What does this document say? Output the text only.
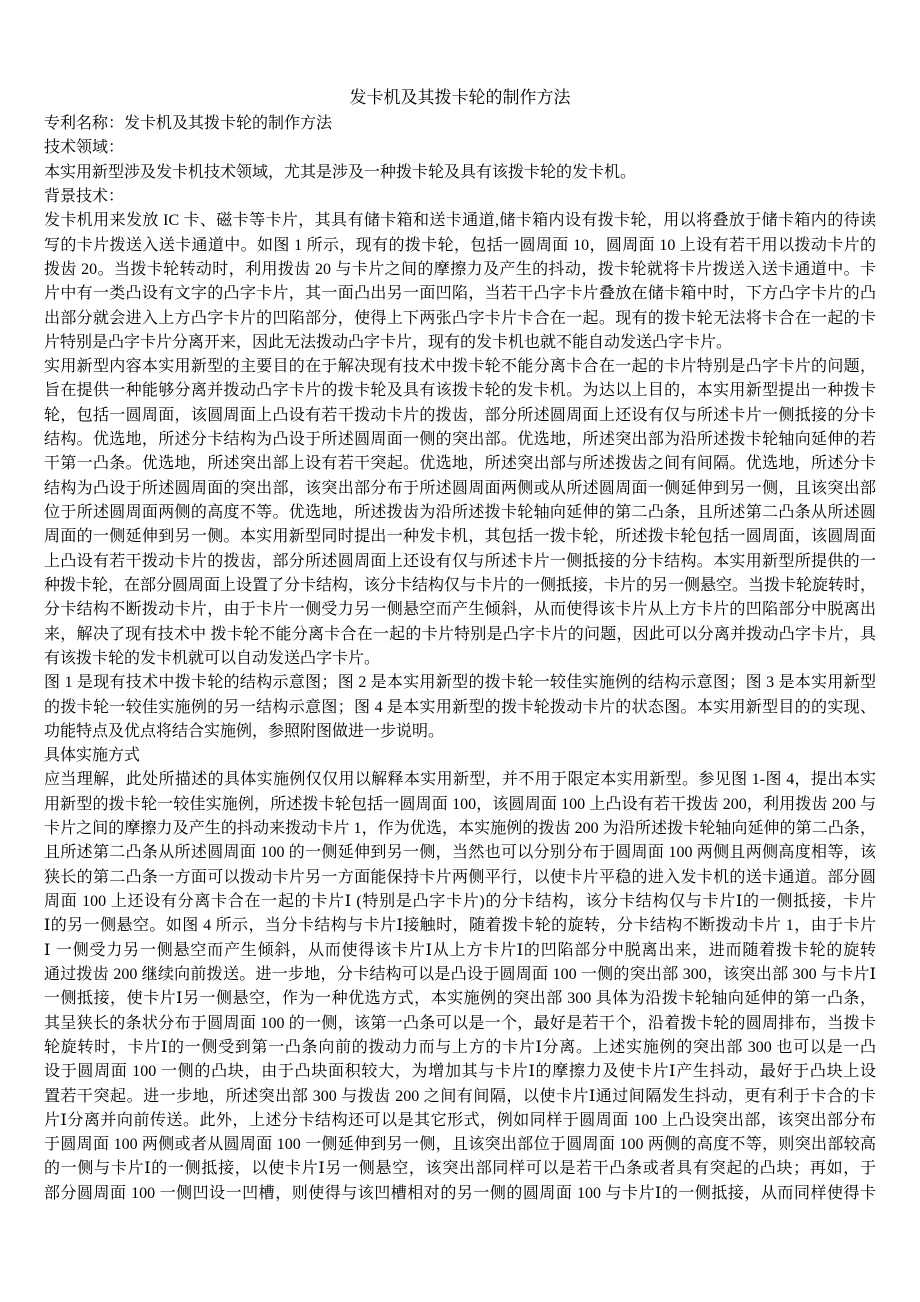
发卡机及其拨卡轮的制作方法
专利名称：发卡机及其拨卡轮的制作方法
技术领域：
本实用新型涉及发卡机技术领域，尤其是涉及一种拨卡轮及具有该拨卡轮的发卡机。
背景技术：
发卡机用来发放 IC 卡、磁卡等卡片，其具有储卡箱和送卡通道,储卡箱内设有拨卡轮，用以将叠放于储卡箱内的待读
写的卡片拨送入送卡通道中。如图 1 所示，现有的拨卡轮，包括一圆周面 10，圆周面 10 上设有若干用以拨动卡片的
拨齿 20。当拨卡轮转动时，利用拨齿 20 与卡片之间的摩擦力及产生的抖动，拨卡轮就将卡片拨送入送卡通道中。卡
片中有一类凸设有文字的凸字卡片，其一面凸出另一面凹陷，当若干凸字卡片叠放在储卡箱中时，下方凸字卡片的凸
出部分就会进入上方凸字卡片的凹陷部分，使得上下两张凸字卡片卡合在一起。现有的拨卡轮无法将卡合在一起的卡
片特别是凸字卡片分离开来，因此无法拨动凸字卡片，现有的发卡机也就不能自动发送凸字卡片。
实用新型内容本实用新型的主要目的在于解决现有技术中拨卡轮不能分离卡合在一起的卡片特别是凸字卡片的问题，
旨在提供一种能够分离并拨动凸字卡片的拨卡轮及具有该拨卡轮的发卡机。为达以上目的，本实用新型提出一种拨卡
轮，包括一圆周面，该圆周面上凸设有若干拨动卡片的拨齿，部分所述圆周面上还设有仅与所述卡片一侧抵接的分卡
结构。优选地，所述分卡结构为凸设于所述圆周面一侧的突出部。优选地，所述突出部为沿所述拨卡轮轴向延伸的若
干第一凸条。优选地，所述突出部上设有若干突起。优选地，所述突出部与所述拨齿之间有间隔。优选地，所述分卡
结构为凸设于所述圆周面的突出部，该突出部分布于所述圆周面两侧或从所述圆周面一侧延伸到另一侧，且该突出部
位于所述圆周面两侧的高度不等。优选地，所述拨齿为沿所述拨卡轮轴向延伸的第二凸条，且所述第二凸条从所述圆
周面的一侧延伸到另一侧。本实用新型同时提出一种发卡机，其包括一拨卡轮，所述拨卡轮包括一圆周面，该圆周面
上凸设有若干拨动卡片的拨齿，部分所述圆周面上还设有仅与所述卡片一侧抵接的分卡结构。本实用新型所提供的一
种拨卡轮，在部分圆周面上设置了分卡结构，该分卡结构仅与卡片的一侧抵接，卡片的另一侧悬空。当拨卡轮旋转时，
分卡结构不断拨动卡片，由于卡片一侧受力另一侧悬空而产生倾斜，从而使得该卡片从上方卡片的凹陷部分中脱离出
来，解决了现有技术中 拨卡轮不能分离卡合在一起的卡片特别是凸字卡片的问题，因此可以分离并拨动凸字卡片，具
有该拨卡轮的发卡机就可以自动发送凸字卡片。
图 1 是现有技术中拨卡轮的结构示意图；图 2 是本实用新型的拨卡轮一较佳实施例的结构示意图；图 3 是本实用新型
的拨卡轮一较佳实施例的另一结构示意图；图 4 是本实用新型的拨卡轮拨动卡片的状态图。本实用新型目的的实现、
功能特点及优点将结合实施例，参照附图做进一步说明。
具体实施方式
应当理解，此处所描述的具体实施例仅仅用以解释本实用新型，并不用于限定本实用新型。参见图 1-图 4，提出本实
用新型的拨卡轮一较佳实施例，所述拨卡轮包括一圆周面 100，该圆周面 100 上凸设有若干拨齿 200，利用拨齿 200 与
卡片之间的摩擦力及产生的抖动来拨动卡片 1，作为优选，本实施例的拨齿 200 为沿所述拨卡轮轴向延伸的第二凸条，
且所述第二凸条从所述圆周面 100 的一侧延伸到另一侧，当然也可以分别分布于圆周面 100 两侧且两侧高度相等，该
狭长的第二凸条一方面可以拨动卡片另一方面能保持卡片两侧平行，以使卡片平稳的进入发卡机的送卡通道。部分圆
周面 100 上还设有分离卡合在一起的卡片Ⅰ (特别是凸字卡片)的分卡结构，该分卡结构仅与卡片Ⅰ的一侧抵接，卡片
Ⅰ的另一侧悬空。如图 4 所示，当分卡结构与卡片Ⅰ接触时，随着拨卡轮的旋转，分卡结构不断拨动卡片 1，由于卡片
Ⅰ 一侧受力另一侧悬空而产生倾斜，从而使得该卡片Ⅰ从上方卡片Ⅰ的凹陷部分中脱离出来，进而随着拨卡轮的旋转
通过拨齿 200 继续向前拨送。进一步地，分卡结构可以是凸设于圆周面 100 一侧的突出部 300，该突出部 300 与卡片Ⅰ
一侧抵接，使卡片Ⅰ另一侧悬空，作为一种优选方式，本实施例的突出部 300 具体为沿拨卡轮轴向延伸的第一凸条，
其呈狭长的条状分布于圆周面 100 的一侧，该第一凸条可以是一个，最好是若干个，沿着拨卡轮的圆周排布，当拨卡
轮旋转时，卡片Ⅰ的一侧受到第一凸条向前的拨动力而与上方的卡片Ⅰ分离。上述实施例的突出部 300 也可以是一凸
设于圆周面 100 一侧的凸块，由于凸块面积较大，为增加其与卡片Ⅰ的摩擦力及使卡片Ⅰ产生抖动，最好于凸块上设
置若干突起。进一步地，所述突出部 300 与拨齿 200 之间有间隔，以使卡片Ⅰ通过间隔发生抖动，更有利于卡合的卡
片Ⅰ分离并向前传送。此外，上述分卡结构还可以是其它形式，例如同样于圆周面 100 上凸设突出部，该突出部分布
于圆周面 100 两侧或者从圆周面 100 一侧延伸到另一侧，且该突出部位于圆周面 100 两侧的高度不等，则突出部较高
的一侧与卡片Ⅰ的一侧抵接，以使卡片Ⅰ另一侧悬空，该突出部同样可以是若干凸条或者具有突起的凸块；再如，于
部分圆周面 100 一侧凹设一凹槽，则使得与该凹槽相对的另一侧的圆周面 100 与卡片Ⅰ的一侧抵接，从而同样使得卡
